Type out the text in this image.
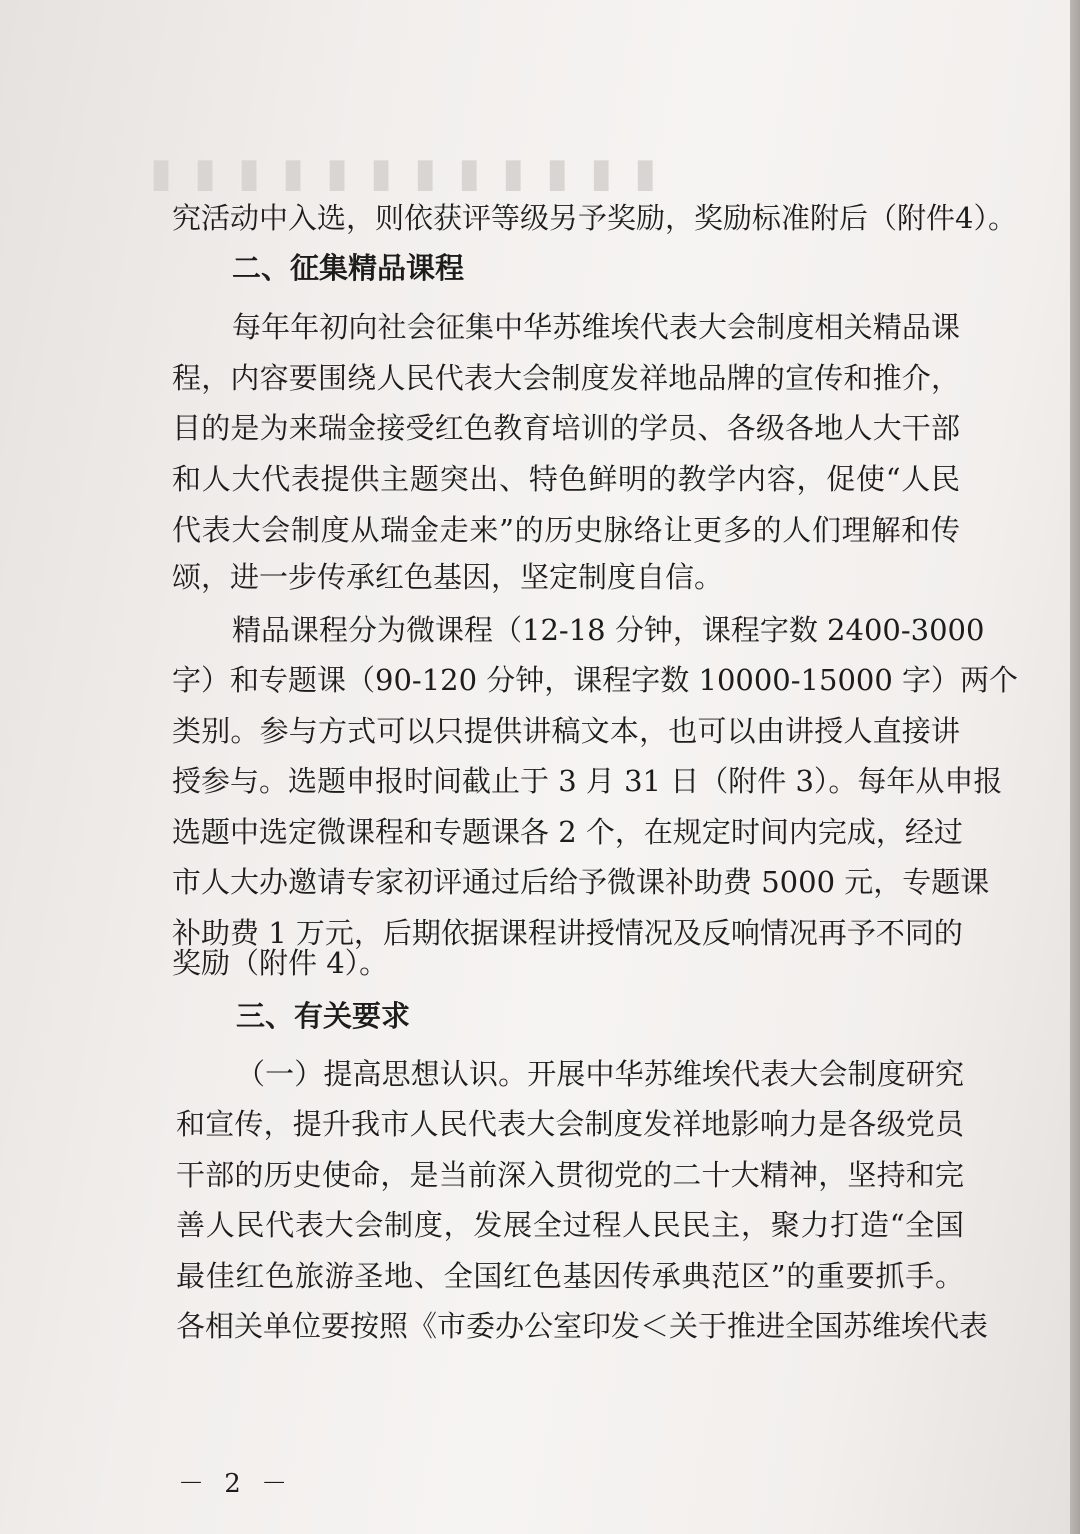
▮▮▮▮▮▮▮▮▮▮▮▮
究活动中入选，则依获评等级另予奖励，奖励标准附后（附件4）。
二、征集精品课程
每年年初向社会征集中华苏维埃代表大会制度相关精品课
程，内容要围绕人民代表大会制度发祥地品牌的宣传和推介，
目的是为来瑞金接受红色教育培训的学员、各级各地人大干部
和人大代表提供主题突出、特色鲜明的教学内容，促使“人民
代表大会制度从瑞金走来”的历史脉络让更多的人们理解和传
颂，进一步传承红色基因，坚定制度自信。
精品课程分为微课程（12-18 分钟，课程字数 2400-3000
字）和专题课（90-120 分钟，课程字数 10000-15000 字）两个
类别。参与方式可以只提供讲稿文本，也可以由讲授人直接讲
授参与。选题申报时间截止于 3 月 31 日（附件 3）。每年从申报
选题中选定微课程和专题课各 2 个，在规定时间内完成，经过
市人大办邀请专家初评通过后给予微课补助费 5000 元，专题课
补助费 1 万元，后期依据课程讲授情况及反响情况再予不同的
奖励（附件 4）。
三、有关要求
（一）提高思想认识。开展中华苏维埃代表大会制度研究
和宣传，提升我市人民代表大会制度发祥地影响力是各级党员
干部的历史使命，是当前深入贯彻党的二十大精神，坚持和完
善人民代表大会制度，发展全过程人民民主，聚力打造“全国
最佳红色旅游圣地、全国红色基因传承典范区”的重要抓手。
各相关单位要按照《市委办公室印发＜关于推进全国苏维埃代表
－ 2 －
